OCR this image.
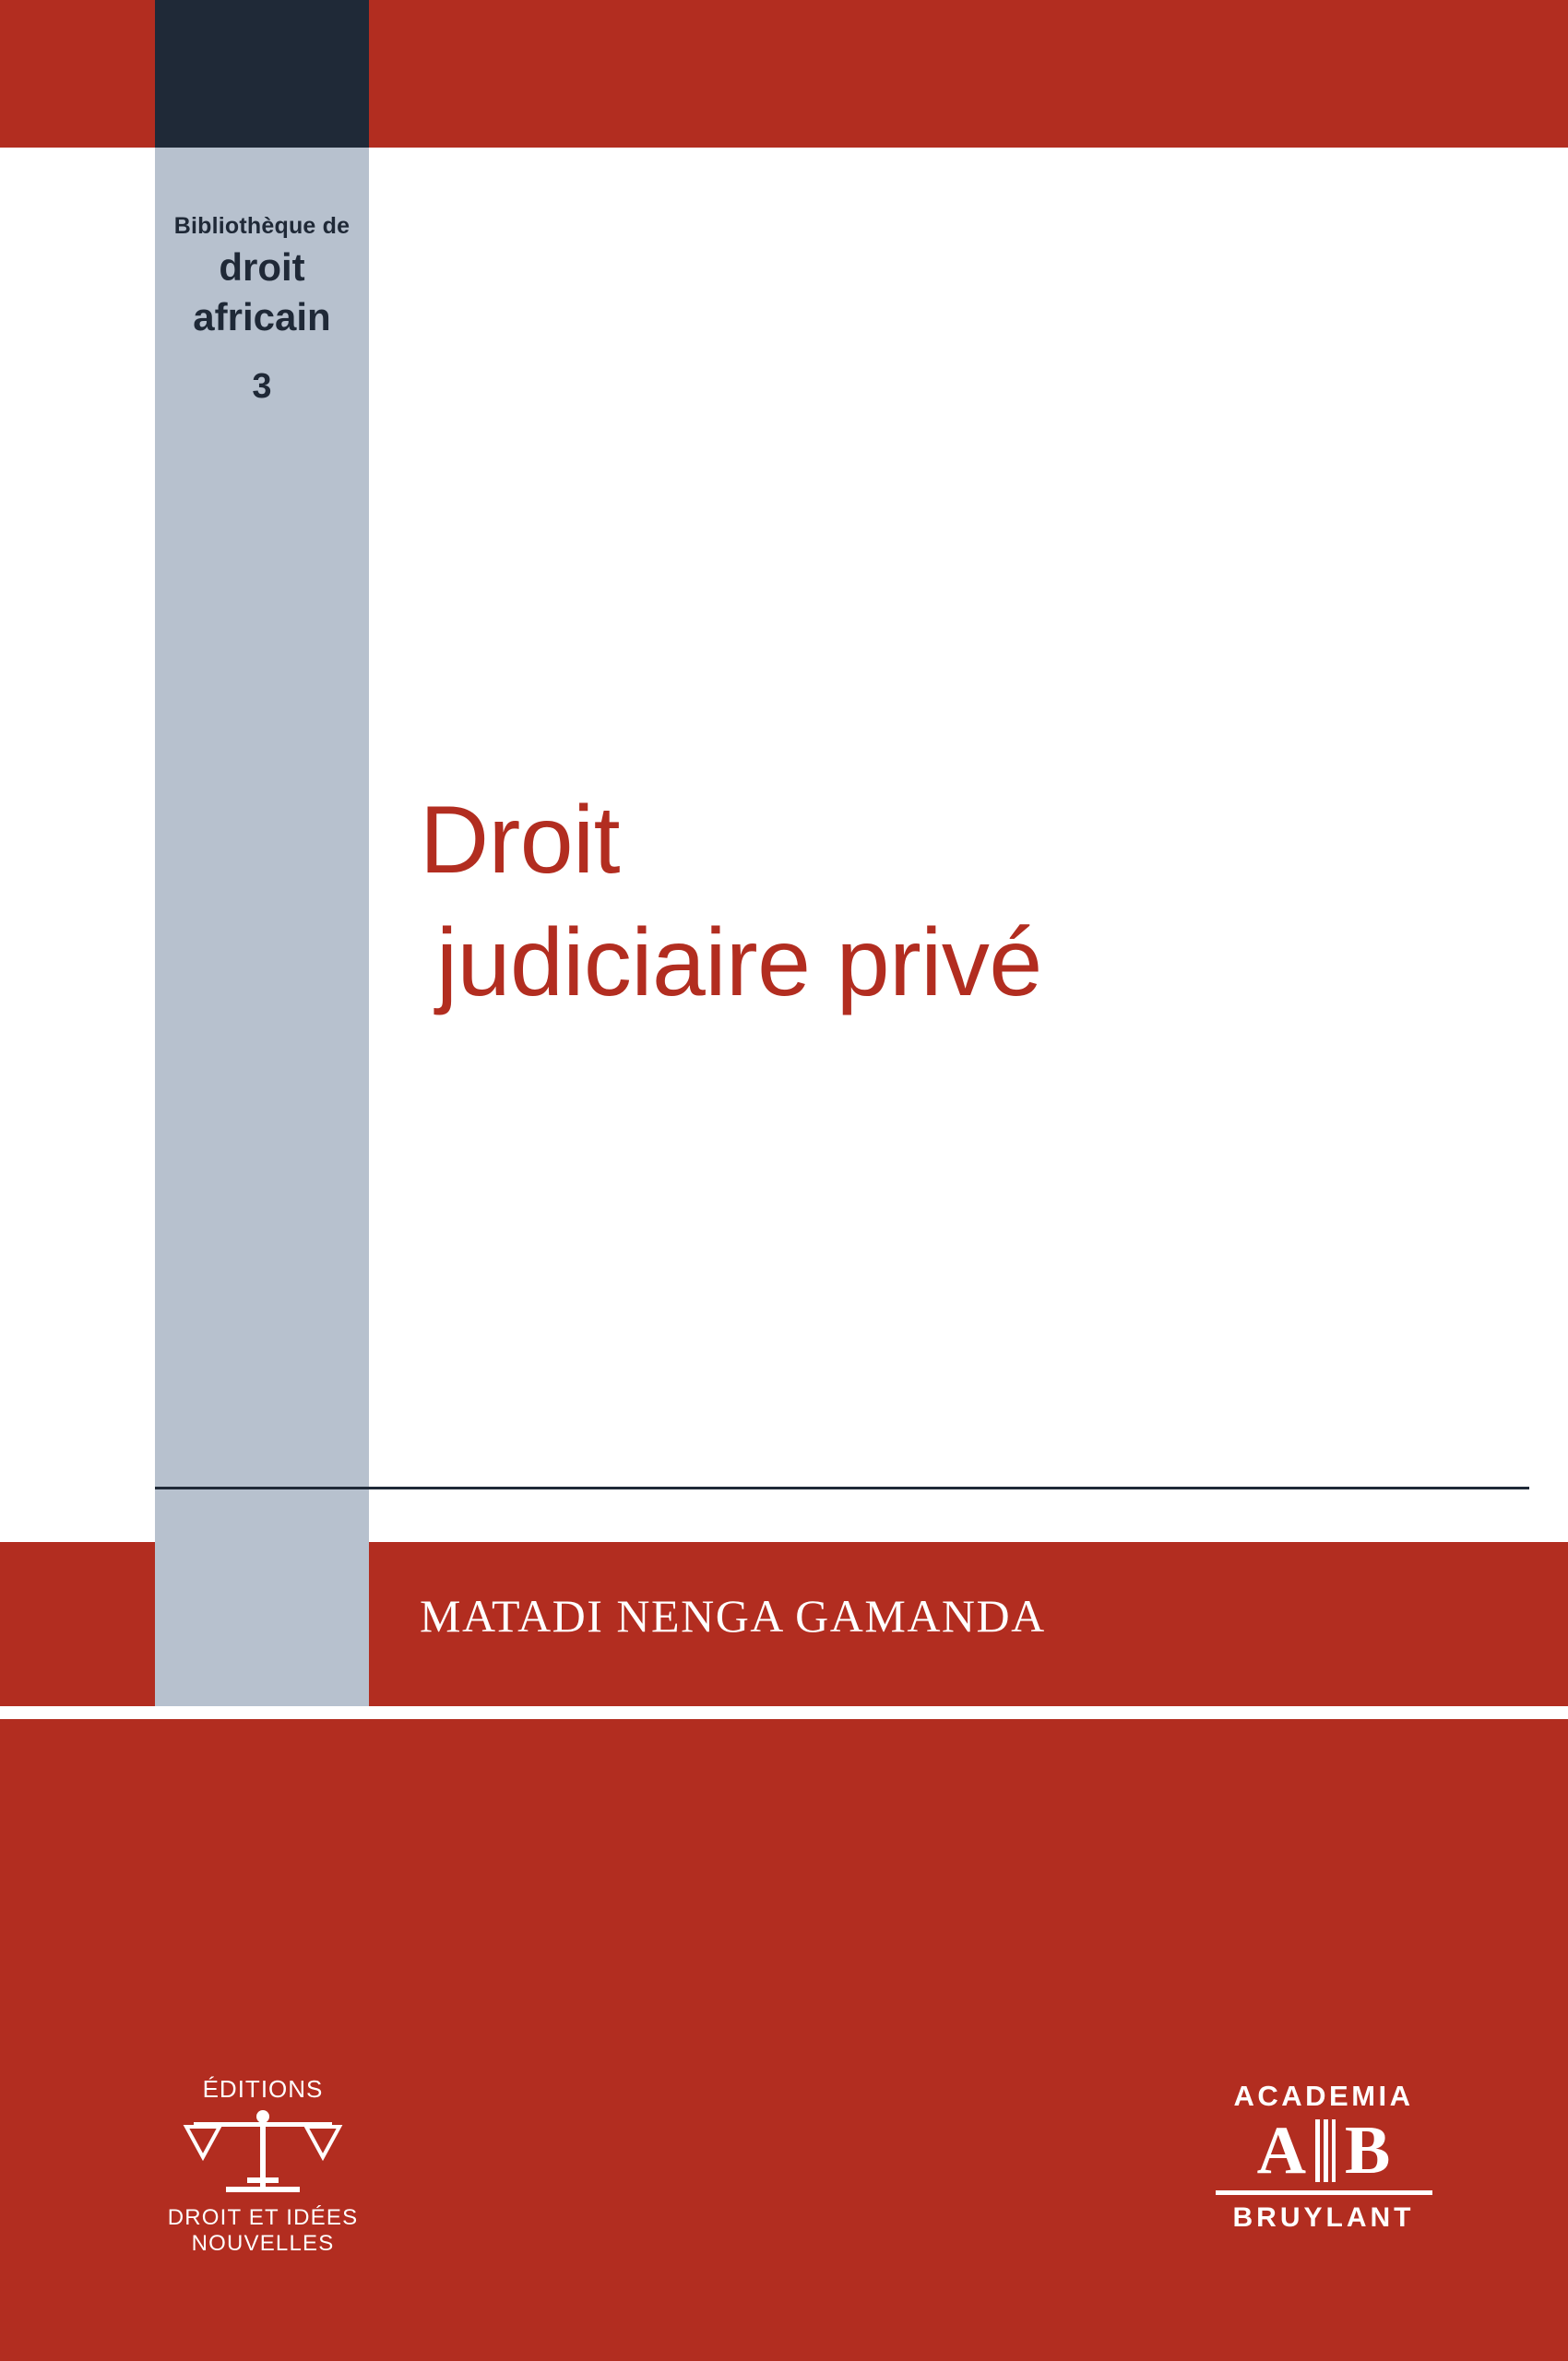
Bibliothèque de
droit
africain
3
Droit
judiciaire privé
MATADI NENGA GAMANDA
ÉDITIONS
DROIT ET IDÉES NOUVELLES
ACADEMIA
A B
BRUYLANT
